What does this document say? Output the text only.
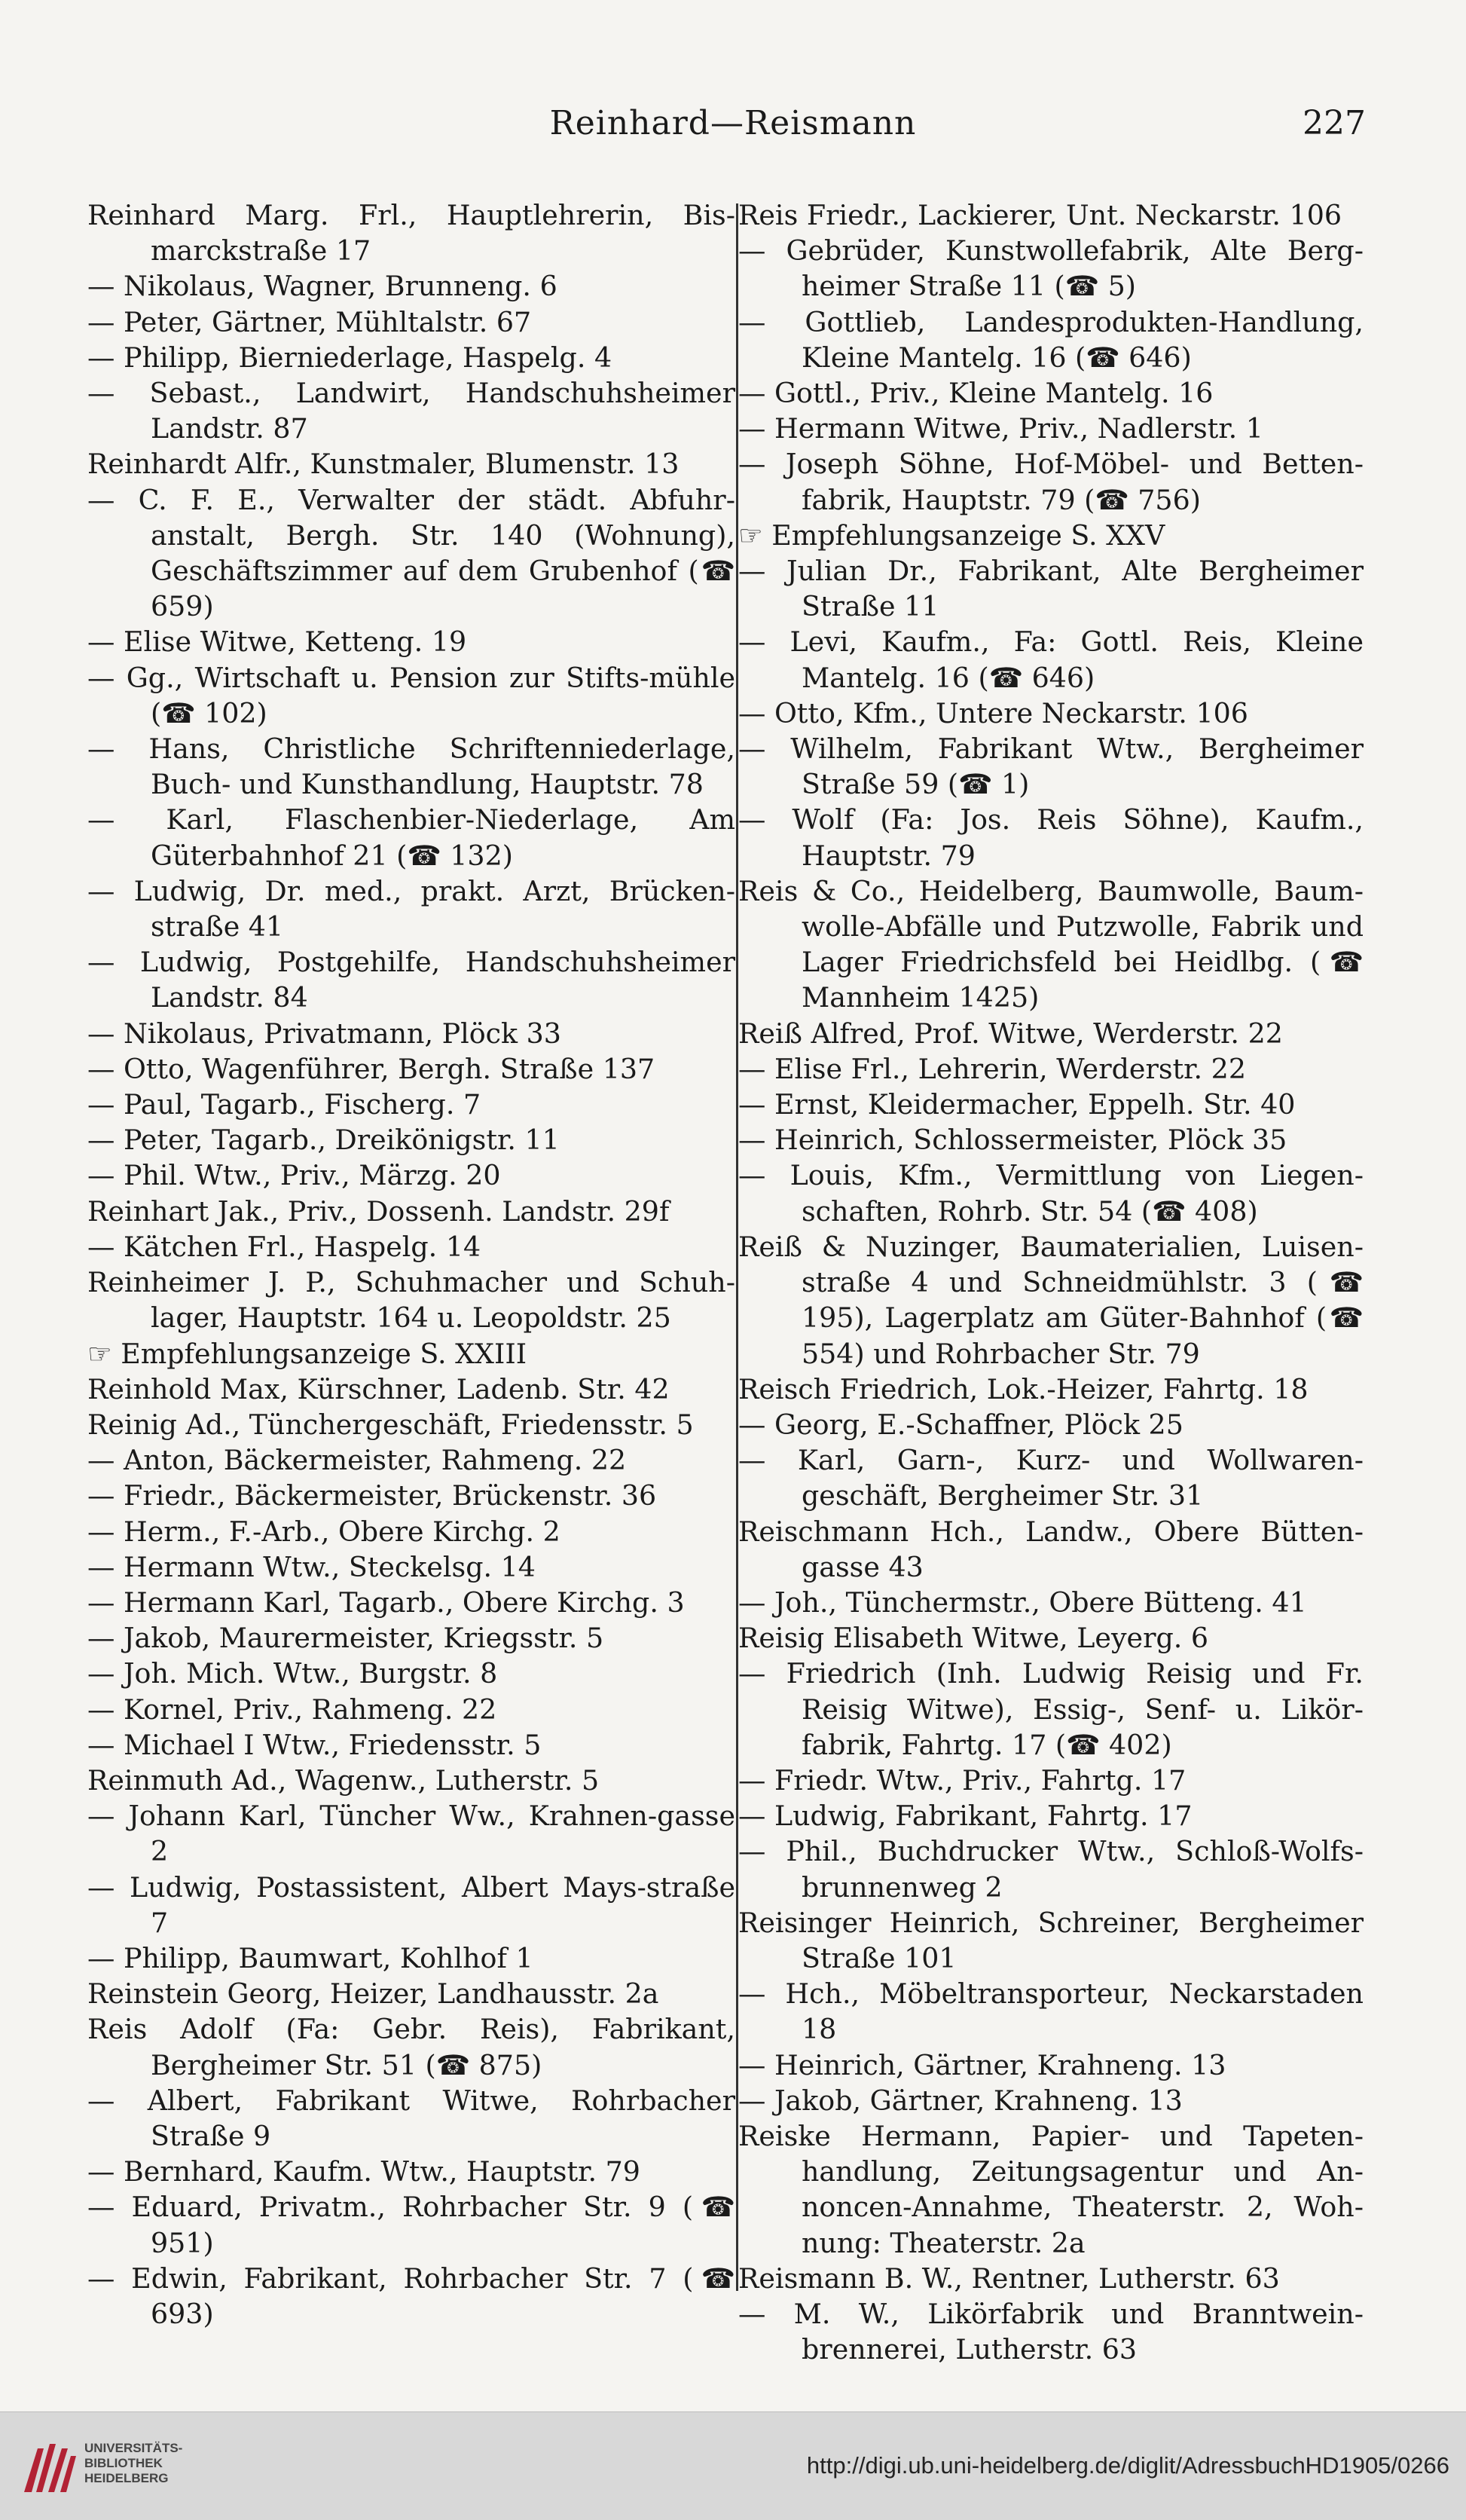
Reinhard—Reismann	227
Reinhard Marg. Frl., Hauptlehrerin, Bis-marckstraße 17
— Nikolaus, Wagner, Brunneng. 6
— Peter, Gärtner, Mühltalstr. 67
— Philipp, Bierniederlage, Haspelg. 4
— Sebast., Landwirt, Handschuhsheimer Landstr. 87
Reinhardt Alfr., Kunstmaler, Blumenstr. 13
— C. F. E., Verwalter der städt. Abfuhr-anstalt, Bergh. Str. 140 (Wohnung), Geschäftszimmer auf dem Grubenhof (☎ 659)
— Elise Witwe, Ketteng. 19
— Gg., Wirtschaft u. Pension zur Stifts-mühle (☎ 102)
— Hans, Christliche Schriftenniederlage, Buch- und Kunsthandlung, Hauptstr. 78
— Karl, Flaschenbier-Niederlage, Am Güterbahnhof 21 (☎ 132)
— Ludwig, Dr. med., prakt. Arzt, Brücken-straße 41
— Ludwig, Postgehilfe, Handschuhsheimer Landstr. 84
— Nikolaus, Privatmann, Plöck 33
— Otto, Wagenführer, Bergh. Straße 137
— Paul, Tagarb., Fischerg. 7
— Peter, Tagarb., Dreikönigstr. 11
— Phil. Wtw., Priv., Märzg. 20
Reinhart Jak., Priv., Dossenh. Landstr. 29f
— Kätchen Frl., Haspelg. 14
Reinheimer J. P., Schuhmacher und Schuh-lager, Hauptstr. 164 u. Leopoldstr. 25
☞ Empfehlungsanzeige S. XXIII
Reinhold Max, Kürschner, Ladenb. Str. 42
Reinig Ad., Tünchergeschäft, Friedensstr. 5
— Anton, Bäckermeister, Rahmeng. 22
— Friedr., Bäckermeister, Brückenstr. 36
— Herm., F.-Arb., Obere Kirchg. 2
— Hermann Wtw., Steckelsg. 14
— Hermann Karl, Tagarb., Obere Kirchg. 3
— Jakob, Maurermeister, Kriegsstr. 5
— Joh. Mich. Wtw., Burgstr. 8
— Kornel, Priv., Rahmeng. 22
— Michael I Wtw., Friedensstr. 5
Reinmuth Ad., Wagenw., Lutherstr. 5
— Johann Karl, Tüncher Ww., Krahnen-gasse 2
— Ludwig, Postassistent, Albert Mays-straße 7
— Philipp, Baumwart, Kohlhof 1
Reinstein Georg, Heizer, Landhausstr. 2a
Reis Adolf (Fa: Gebr. Reis), Fabrikant, Bergheimer Str. 51 (☎ 875)
— Albert, Fabrikant Witwe, Rohrbacher Straße 9
— Bernhard, Kaufm. Wtw., Hauptstr. 79
— Eduard, Privatm., Rohrbacher Str. 9 (☎ 951)
— Edwin, Fabrikant, Rohrbacher Str. 7 (☎ 693)
Reis Friedr., Lackierer, Unt. Neckarstr. 106
— Gebrüder, Kunstwollefabrik, Alte Berg-heimer Straße 11 (☎ 5)
— Gottlieb, Landesprodukten-Handlung, Kleine Mantelg. 16 (☎ 646)
— Gottl., Priv., Kleine Mantelg. 16
— Hermann Witwe, Priv., Nadlerstr. 1
— Joseph Söhne, Hof-Möbel- und Betten-fabrik, Hauptstr. 79 (☎ 756)
☞ Empfehlungsanzeige S. XXV
— Julian Dr., Fabrikant, Alte Bergheimer Straße 11
— Levi, Kaufm., Fa: Gottl. Reis, Kleine Mantelg. 16 (☎ 646)
— Otto, Kfm., Untere Neckarstr. 106
— Wilhelm, Fabrikant Wtw., Bergheimer Straße 59 (☎ 1)
— Wolf (Fa: Jos. Reis Söhne), Kaufm., Hauptstr. 79
Reis & Co., Heidelberg, Baumwolle, Baum-wolle-Abfälle und Putzwolle, Fabrik und Lager Friedrichsfeld bei Heidlbg. (☎ Mannheim 1425)
Reiß Alfred, Prof. Witwe, Werderstr. 22
— Elise Frl., Lehrerin, Werderstr. 22
— Ernst, Kleidermacher, Eppelh. Str. 40
— Heinrich, Schlossermeister, Plöck 35
— Louis, Kfm., Vermittlung von Liegen-schaften, Rohrb. Str. 54 (☎ 408)
Reiß & Nuzinger, Baumaterialien, Luisen-straße 4 und Schneidmühlstr. 3 (☎ 195), Lagerplatz am Güter-Bahnhof (☎ 554) und Rohrbacher Str. 79
Reisch Friedrich, Lok.-Heizer, Fahrtg. 18
— Georg, E.-Schaffner, Plöck 25
— Karl, Garn-, Kurz- und Wollwaren-geschäft, Bergheimer Str. 31
Reischmann Hch., Landw., Obere Bütten-gasse 43
— Joh., Tünchermstr., Obere Bütteng. 41
Reisig Elisabeth Witwe, Leyerg. 6
— Friedrich (Inh. Ludwig Reisig und Fr. Reisig Witwe), Essig-, Senf- u. Likör-fabrik, Fahrtg. 17 (☎ 402)
— Friedr. Wtw., Priv., Fahrtg. 17
— Ludwig, Fabrikant, Fahrtg. 17
— Phil., Buchdrucker Wtw., Schloß-Wolfs-brunnenweg 2
Reisinger Heinrich, Schreiner, Bergheimer Straße 101
— Hch., Möbeltransporteur, Neckarstaden 18
— Heinrich, Gärtner, Krahneng. 13
— Jakob, Gärtner, Krahneng. 13
Reiske Hermann, Papier- und Tapeten-handlung, Zeitungsagentur und An-noncen-Annahme, Theaterstr. 2, Woh-nung: Theaterstr. 2a
Reismann B. W., Rentner, Lutherstr. 63
— M. W., Likörfabrik und Branntwein-brennerei, Lutherstr. 63
UNIVERSITÄTS-
BIBLIOTHEK
HEIDELBERG	http://digi.ub.uni-heidelberg.de/diglit/AdressbuchHD1905/0266
